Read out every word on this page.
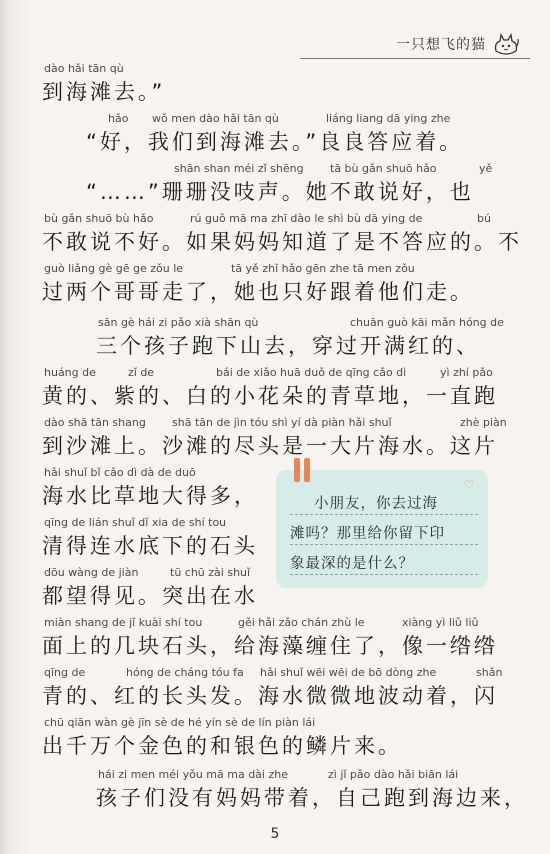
一只想飞的猫
dào hǎi tān qù
到海滩去。”
hǎo wǒ men dào hǎi tān qù	liáng liang dā ying zhe
“好，我们到海滩去。”良良答应着。
shān shan méi zǐ shēng tā bù gǎn shuō hǎo	yě
“……”珊珊没吱声。她不敢说好，也
bù gǎn shuō bù hǎo	rú guǒ mā ma zhī dào le shì bù dā ying de	bú
不敢说不好。如果妈妈知道了是不答应的。不
guò liǎng gè gē ge zǒu le	tā yě zhǐ hǎo gēn zhe tā men zǒu
过两个哥哥走了，她也只好跟着他们走。
sān gè hái zi pǎo xià shān qù	chuān guò kāi mǎn hóng de
三个孩子跑下山去，穿过开满红的、
huáng de	zǐ de	bái de xiǎo huā duǒ de qīng cǎo dì	yì zhí pǎo
黄的、紫的、白的小花朵的青草地，一直跑
dào shā tān shang shā tān de jìn tóu shì yí dà piàn hǎi shuǐ	zhè piàn
到沙滩上。沙滩的尽头是一大片海水。这片
hǎi shuǐ bǐ cǎo dì dà de duō
海水比草地大得多，
qīng de lián shuǐ dǐ xia de shí tou
清得连水底下的石头
dōu wàng de jiàn	tū chū zài shuǐ
都望得见。突出在水
miàn shang de jǐ kuài shí tou	gěi hǎi zǎo chán zhù le	xiàng yì liǔ liǔ
面上的几块石头，给海藻缠住了，像一绺绺
qīng de	hóng de cháng tóu fa hǎi shuǐ wēi wēi de bō dòng zhe	shǎn
青的、红的长头发。海水微微地波动着，闪
chū qiān wàn gè jīn sè de hé yín sè de lín piàn lái
出千万个金色的和银色的鳞片来。
hái zi men méi yǒu mā ma dài zhe	zì jǐ pǎo dào hǎi biān lái
孩子们没有妈妈带着，自己跑到海边来，
♡
小朋友，你去过海
滩吗？那里给你留下印
象最深的是什么？
5
